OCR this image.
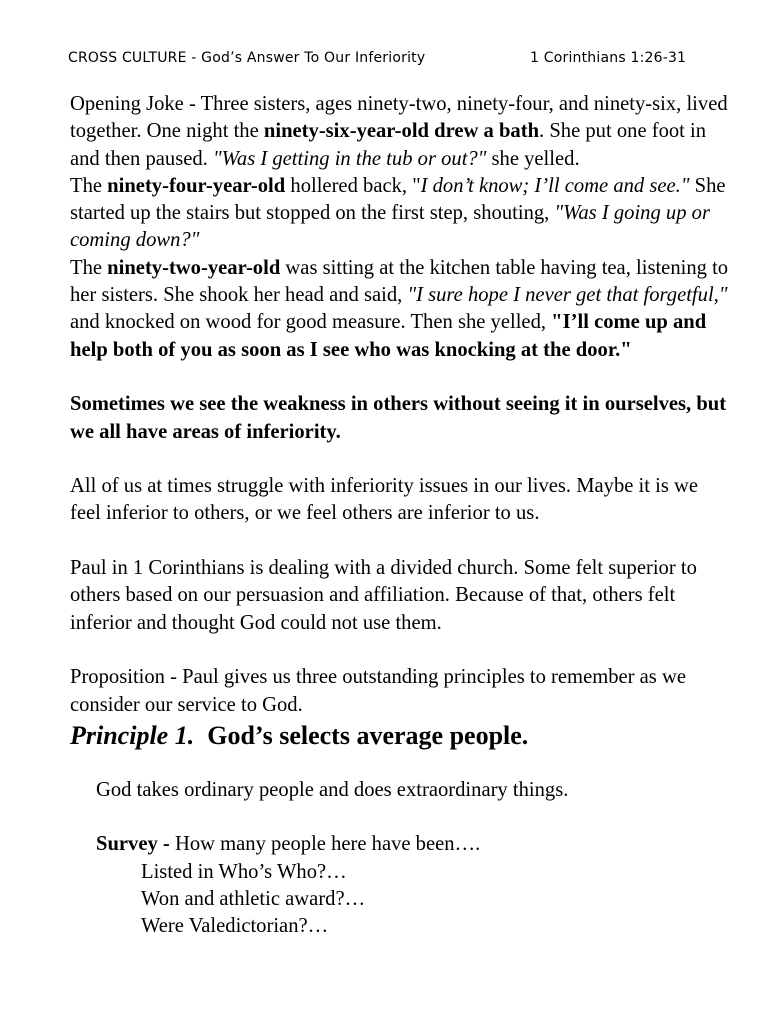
CROSS CULTURE - God’s Answer To Our Inferiority	1 Corinthians 1:26-31

Opening Joke - Three sisters, ages ninety-two, ninety-four, and ninety-six, lived together. One night the ninety-six-year-old drew a bath. She put one foot in and then paused. "Was I getting in the tub or out?" she yelled.

The ninety-four-year-old hollered back, "I don’t know; I’ll come and see." She started up the stairs but stopped on the first step, shouting, "Was I going up or coming down?"

The ninety-two-year-old was sitting at the kitchen table having tea, listening to her sisters. She shook her head and said, "I sure hope I never get that forgetful," and knocked on wood for good measure. Then she yelled, "I’ll come up and help both of you as soon as I see who was knocking at the door."

Sometimes we see the weakness in others without seeing it in ourselves, but we all have areas of inferiority.

All of us at times struggle with inferiority issues in our lives. Maybe it is we feel inferior to others, or we feel others are inferior to us.

Paul in 1 Corinthians is dealing with a divided church. Some felt superior to others based on our persuasion and affiliation. Because of that, others felt inferior and thought God could not use them.

Proposition - Paul gives us three outstanding principles to remember as we consider our service to God.

Principle 1. God’s selects average people.

God takes ordinary people and does extraordinary things.

Survey - How many people here have been….

Listed in Who’s Who?…

Won and athletic award?…

Were Valedictorian?…
